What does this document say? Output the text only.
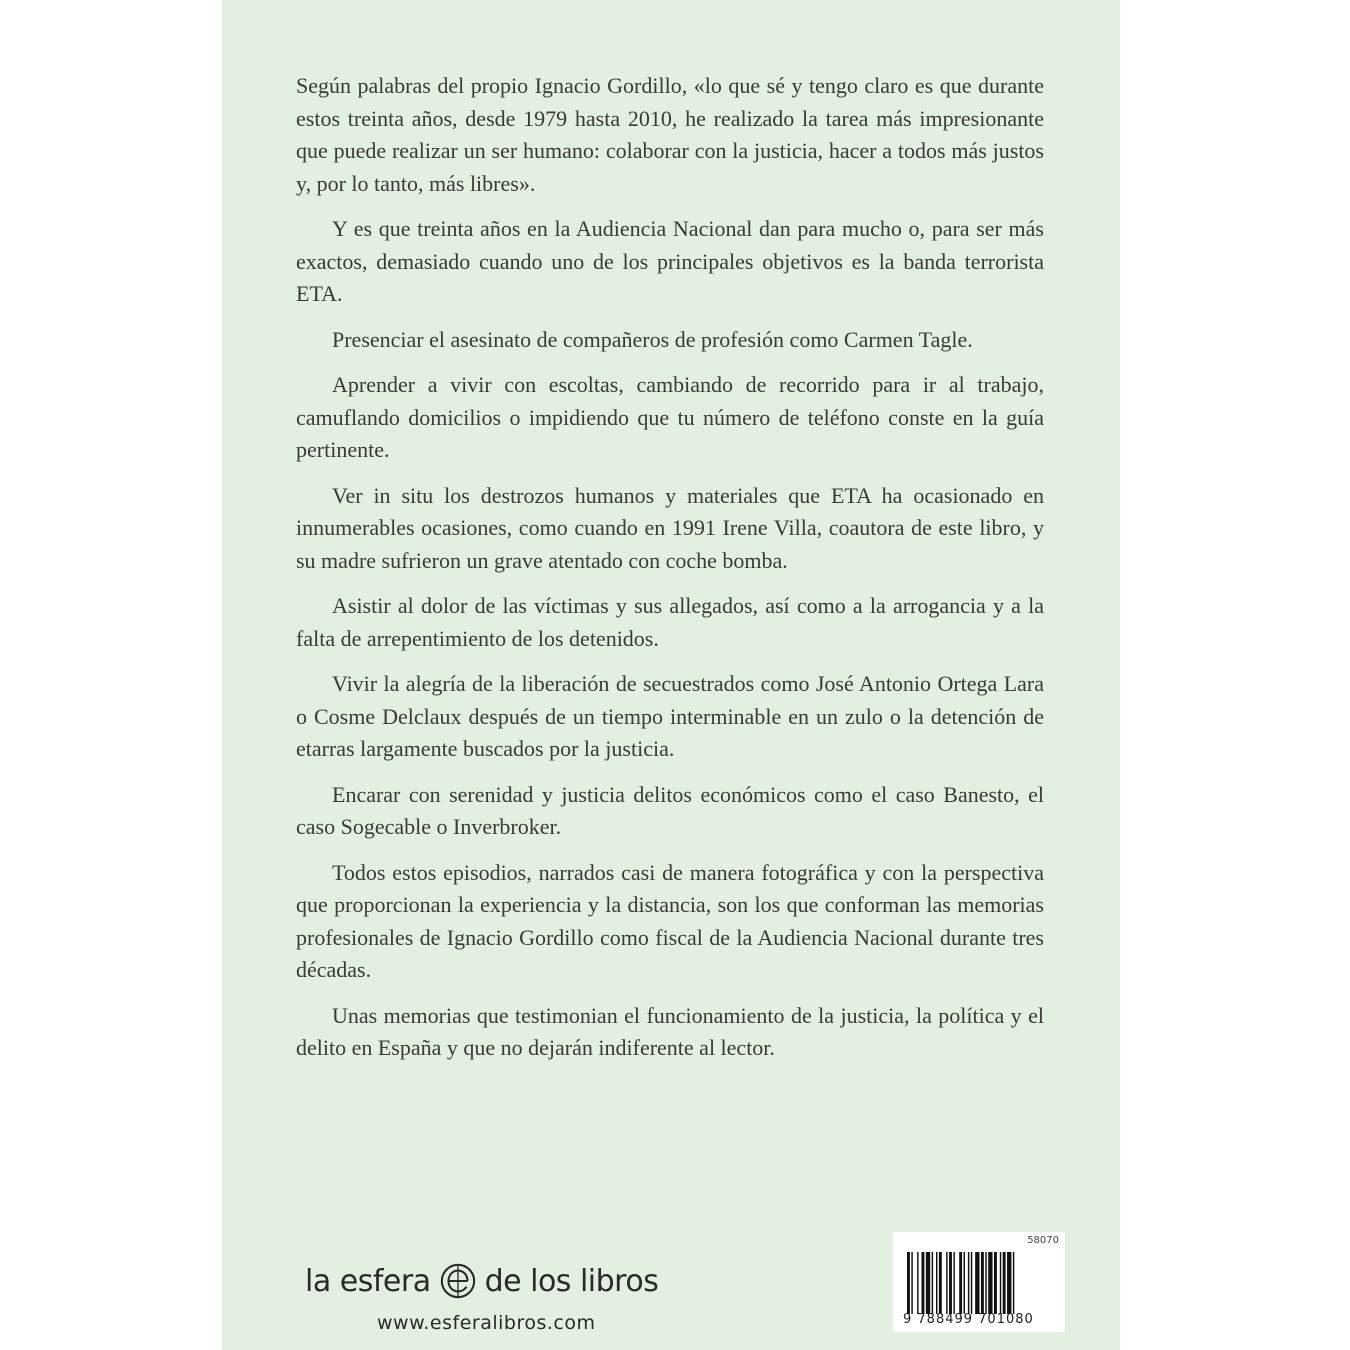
Según palabras del propio Ignacio Gordillo, «lo que sé y tengo claro es que durante estos treinta años, desde 1979 hasta 2010, he realizado la tarea más impresionante que puede realizar un ser humano: colaborar con la justicia, hacer a todos más justos y, por lo tanto, más libres».

Y es que treinta años en la Audiencia Nacional dan para mucho o, para ser más exactos, demasiado cuando uno de los principales objetivos es la banda terrorista ETA.

Presenciar el asesinato de compañeros de profesión como Carmen Tagle.

Aprender a vivir con escoltas, cambiando de recorrido para ir al trabajo, camuflando domicilios o impidiendo que tu número de teléfono conste en la guía pertinente.

Ver in situ los destrozos humanos y materiales que ETA ha ocasionado en innumerables ocasiones, como cuando en 1991 Irene Villa, coautora de este libro, y su madre sufrieron un grave atentado con coche bomba.

Asistir al dolor de las víctimas y sus allegados, así como a la arrogancia y a la falta de arrepentimiento de los detenidos.

Vivir la alegría de la liberación de secuestrados como José Antonio Ortega Lara o Cosme Delclaux después de un tiempo interminable en un zulo o la detención de etarras largamente buscados por la justicia.

Encarar con serenidad y justicia delitos económicos como el caso Banesto, el caso Sogecable o Inverbroker.

Todos estos episodios, narrados casi de manera fotográfica y con la perspectiva que proporcionan la experiencia y la distancia, son los que conforman las memorias profesionales de Ignacio Gordillo como fiscal de la Audiencia Nacional durante tres décadas.

Unas memorias que testimonian el funcionamiento de la justicia, la política y el delito en España y que no dejarán indiferente al lector.

la esfera de los libros
www.esferalibros.com
58070
9 788499 701080
